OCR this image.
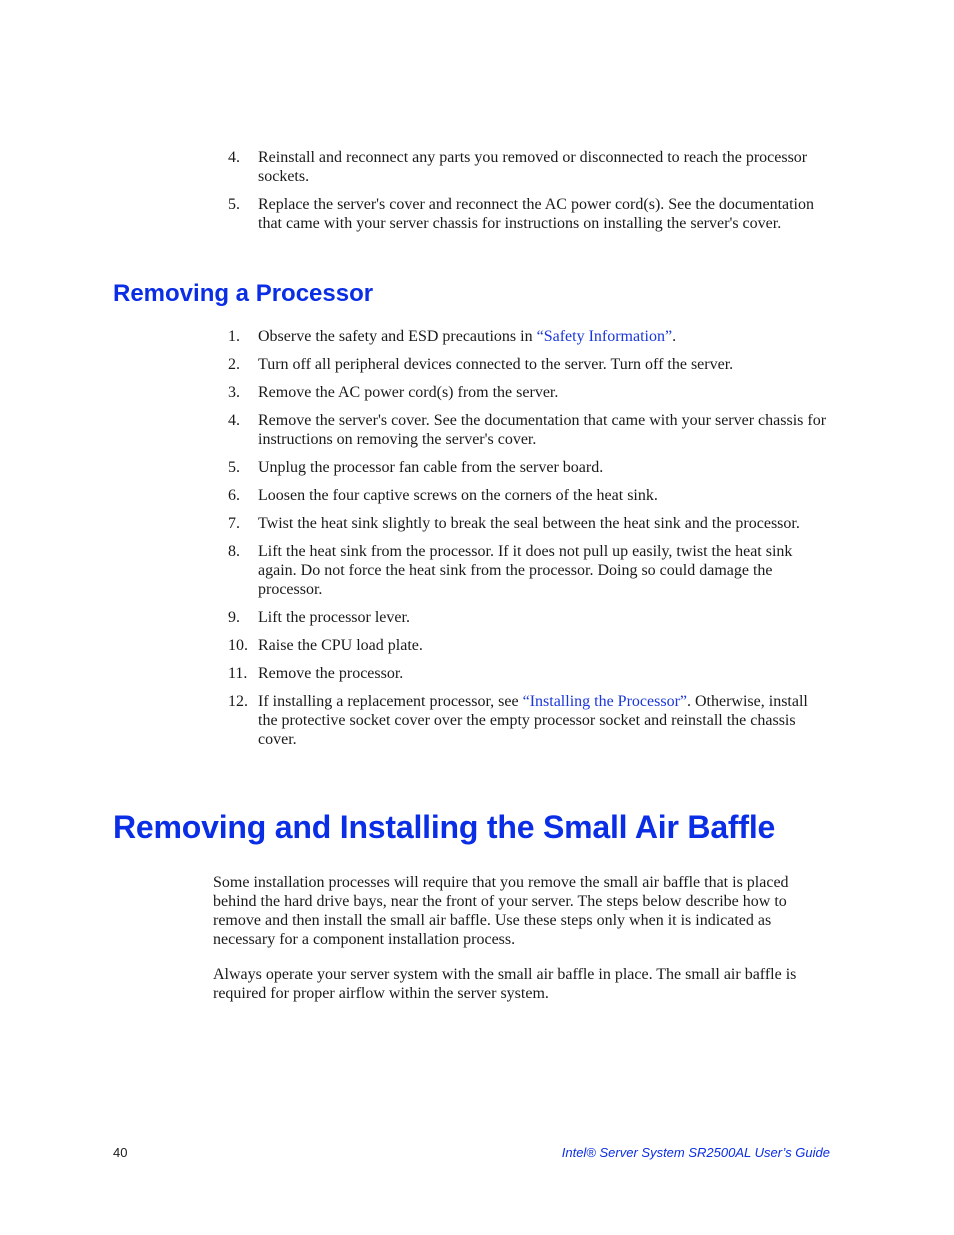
4.	Reinstall and reconnect any parts you removed or disconnected to reach the processor sockets.
5.	Replace the server's cover and reconnect the AC power cord(s). See the documentation that came with your server chassis for instructions on installing the server's cover.
Removing a Processor
1.	Observe the safety and ESD precautions in “Safety Information”.
2.	Turn off all peripheral devices connected to the server. Turn off the server.
3.	Remove the AC power cord(s) from the server.
4.	Remove the server's cover. See the documentation that came with your server chassis for instructions on removing the server's cover.
5.	Unplug the processor fan cable from the server board.
6.	Loosen the four captive screws on the corners of the heat sink.
7.	Twist the heat sink slightly to break the seal between the heat sink and the processor.
8.	Lift the heat sink from the processor. If it does not pull up easily, twist the heat sink again. Do not force the heat sink from the processor. Doing so could damage the processor.
9.	Lift the processor lever.
10. Raise the CPU load plate.
11. Remove the processor.
12. If installing a replacement processor, see “Installing the Processor”. Otherwise, install the protective socket cover over the empty processor socket and reinstall the chassis cover.
Removing and Installing the Small Air Baffle

Some installation processes will require that you remove the small air baffle that is placed behind the hard drive bays, near the front of your server. The steps below describe how to remove and then install the small air baffle. Use these steps only when it is indicated as necessary for a component installation process.

Always operate your server system with the small air baffle in place. The small air baffle is required for proper airflow within the server system.

40	Intel® Server System SR2500AL User’s Guide
